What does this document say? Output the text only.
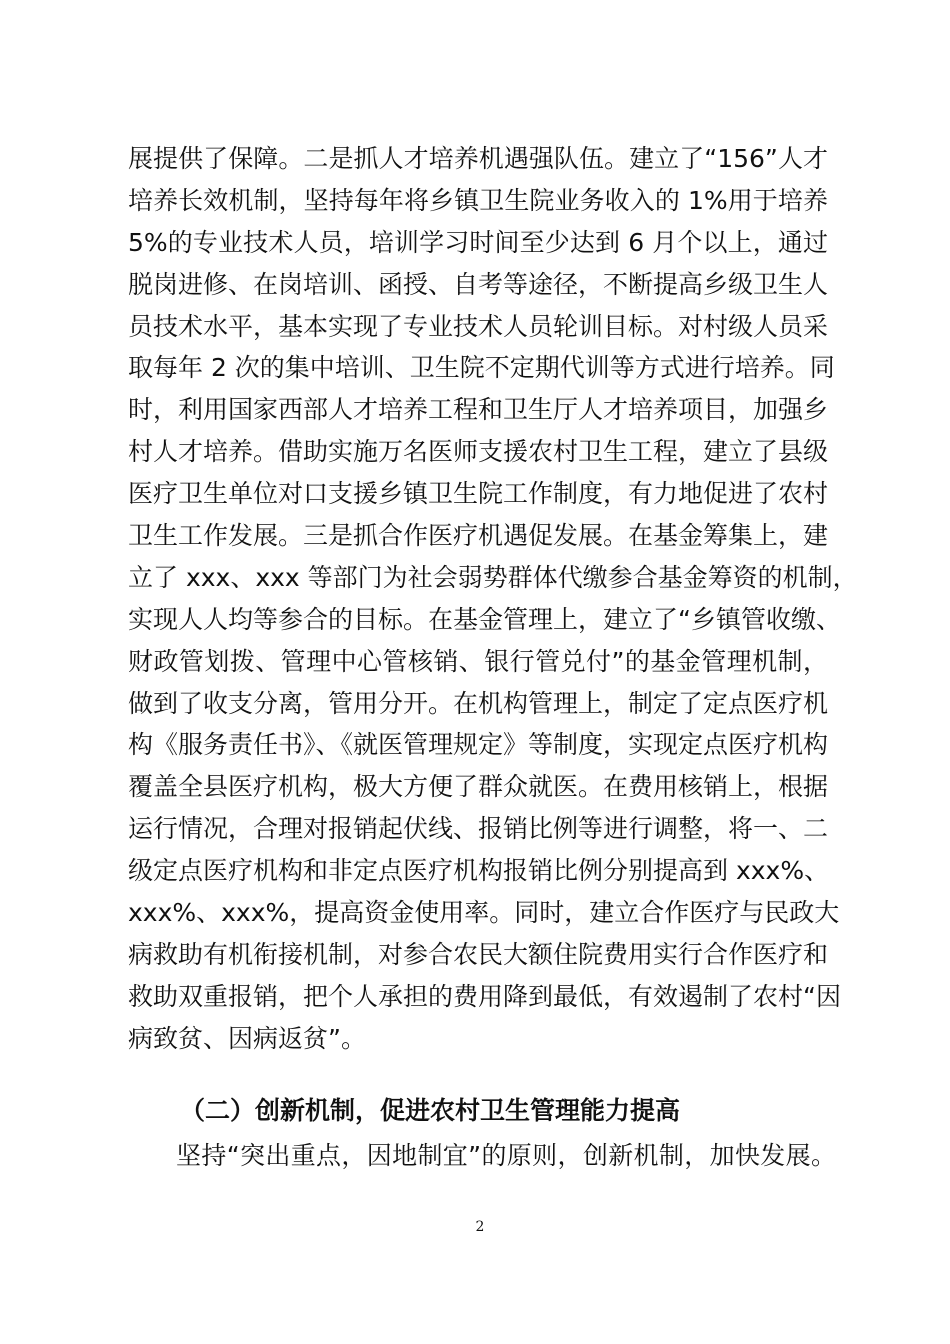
展提供了保障。二是抓人才培养机遇强队伍。建立了“156”人才
培养长效机制，坚持每年将乡镇卫生院业务收入的 1%用于培养
5%的专业技术人员，培训学习时间至少达到 6 月个以上，通过
脱岗进修、在岗培训、函授、自考等途径，不断提高乡级卫生人
员技术水平，基本实现了专业技术人员轮训目标。对村级人员采
取每年 2 次的集中培训、卫生院不定期代训等方式进行培养。同
时，利用国家西部人才培养工程和卫生厅人才培养项目，加强乡
村人才培养。借助实施万名医师支援农村卫生工程，建立了县级
医疗卫生单位对口支援乡镇卫生院工作制度，有力地促进了农村
卫生工作发展。三是抓合作医疗机遇促发展。在基金筹集上，建
立了 xxx、xxx 等部门为社会弱势群体代缴参合基金筹资的机制，
实现人人均等参合的目标。在基金管理上，建立了“乡镇管收缴、
财政管划拨、管理中心管核销、银行管兑付”的基金管理机制，
做到了收支分离，管用分开。在机构管理上，制定了定点医疗机
构《服务责任书》、《就医管理规定》等制度，实现定点医疗机构
覆盖全县医疗机构，极大方便了群众就医。在费用核销上，根据
运行情况，合理对报销起伏线、报销比例等进行调整，将一、二
级定点医疗机构和非定点医疗机构报销比例分别提高到 xxx%、
xxx%、xxx%，提高资金使用率。同时，建立合作医疗与民政大
病救助有机衔接机制，对参合农民大额住院费用实行合作医疗和
救助双重报销，把个人承担的费用降到最低，有效遏制了农村“因
病致贫、因病返贫”。
（二）创新机制，促进农村卫生管理能力提高
坚持“突出重点，因地制宜”的原则，创新机制，加快发展。
2
